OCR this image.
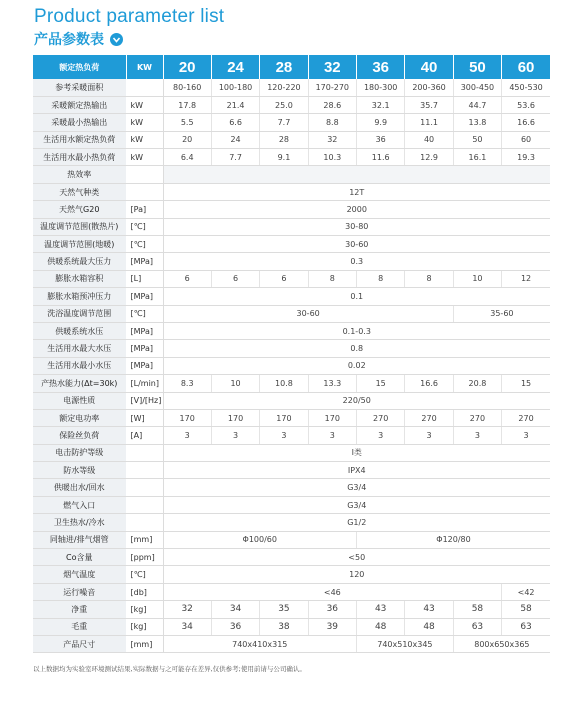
Product parameter list
产品参数表
额定热负荷	KW	20	24	28	32	36	40	50	60
参考采暖面积		80-160	100-180	120-220	170-270	180-300	200-360	300-450	450-530
采暖额定热输出	kW	17.8	21.4	25.0	28.6	32.1	35.7	44.7	53.6
采暖最小热输出	kW	5.5	6.6	7.7	8.8	9.9	11.1	13.8	16.6
生活用水额定热负荷	kW	20	24	28	32	36	40	50	60
生活用水最小热负荷	kW	6.4	7.7	9.1	10.3	11.6	12.9	16.1	19.3
热效率									
天然气种类		12T							
天然气G20	[Pa]	2000							
温度调节范围(散热片)	[℃]	30-80							
温度调节范围(地暖)	[℃]	30-60							
供暖系统最大压力	[MPa]	0.3							
膨胀水箱容积	[L]	6	6	6	8	8	8	10	12
膨胀水箱预冲压力	[MPa]	0.1							
洗浴温度调节范围	[℃]	30-60						35-60	
供暖系统水压	[MPa]	0.1-0.3							
生活用水最大水压	[MPa]	0.8							
生活用水最小水压	[MPa]	0.02							
产热水能力(Δt=30k)	[L/min]	8.3	10	10.8	13.3	15	16.6	20.8	15
电源性质	[V]/[Hz]	220/50							
额定电功率	[W]	170	170	170	170	270	270	270	270
保险丝负荷	[A]	3	3	3	3	3	3	3	3
电击防护等级		I类							
防水等级		IPX4							
供暖出水/回水		G3/4							
燃气入口		G3/4							
卫生热水/冷水		G1/2							
同轴进/排气烟管	[mm]	Φ100/60				Φ120/80			
Co含量	[ppm]	<50							
烟气温度	[℃]	120							
运行噪音	[db]	<46							<42
净重	[kg]	32	34	35	36	43	43	58	58
毛重	[kg]	34	36	38	39	48	48	63	63
产品尺寸	[mm]	740x410x315				740x510x345		800x650x365	
以上数据均为实验室环境测试结果,实际数据与之可能存在差异,仅供参考;使用前请与公司确认。
